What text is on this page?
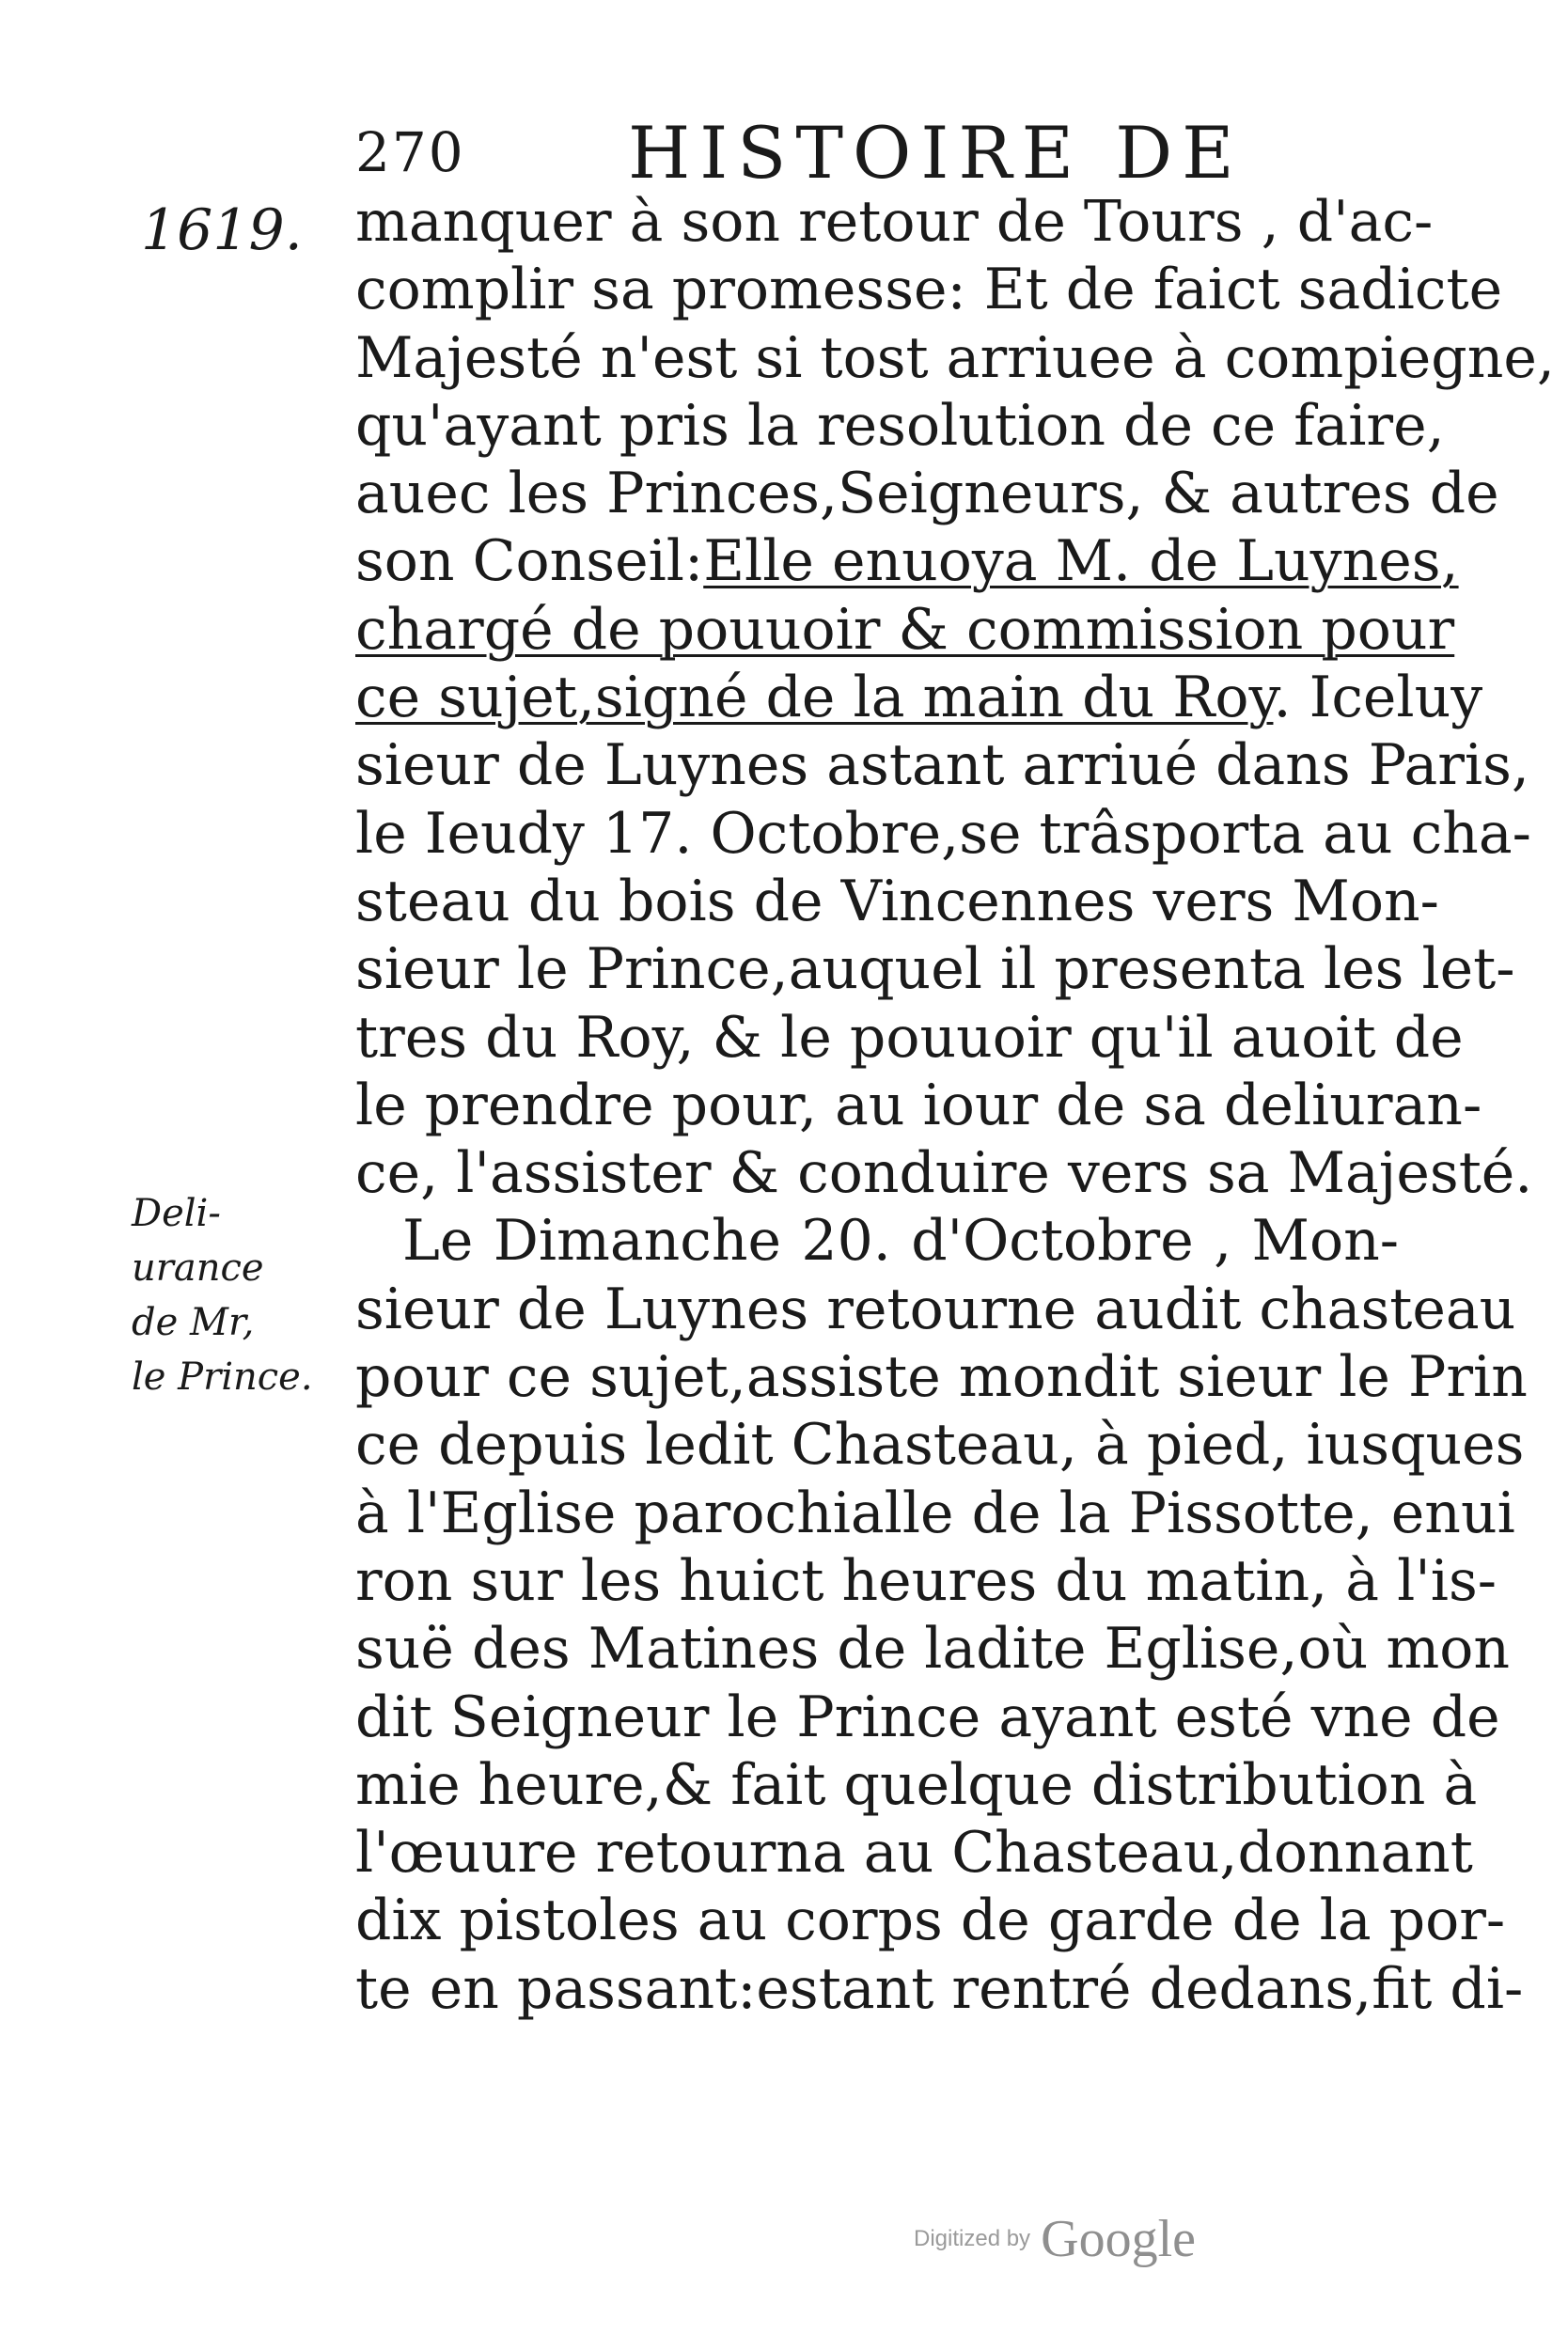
270 HISTOIRE DE
1619.
Deli-
urance
de Mr,
le Prince.
manquer à son retour de Tours , d'ac-
complir sa promesse: Et de faict sadicte
Majesté n'est si tost arriuee à compiegne,
qu'ayant pris la resolution de ce faire,
auec les Princes,Seigneurs, & autres de
son Conseil:Elle enuoya M. de Luynes,
chargé de pouuoir & commission pour
ce sujet,signé de la main du Roy. Iceluy
sieur de Luynes astant arriué dans Paris,
le Ieudy 17. Octobre,se trâsporta au cha-
steau du bois de Vincennes vers Mon-
sieur le Prince,auquel il presenta les let-
tres du Roy, & le pouuoir qu'il auoit de
le prendre pour, au iour de sa deliuran-
ce, l'assister & conduire vers sa Majesté.
Le Dimanche 20. d'Octobre , Mon-
sieur de Luynes retourne audit chasteau
pour ce sujet,assiste mondit sieur le Prin
ce depuis ledit Chasteau, à pied, iusques
à l'Eglise parochialle de la Pissotte, enui
ron sur les huict heures du matin, à l'is-
suë des Matines de ladite Eglise,où mon
dit Seigneur le Prince ayant esté vne de
mie heure,& fait quelque distribution à
l'œuure retourna au Chasteau,donnant
dix pistoles au corps de garde de la por-
te en passant:estant rentré dedans,fit di-
Digitized by Google
